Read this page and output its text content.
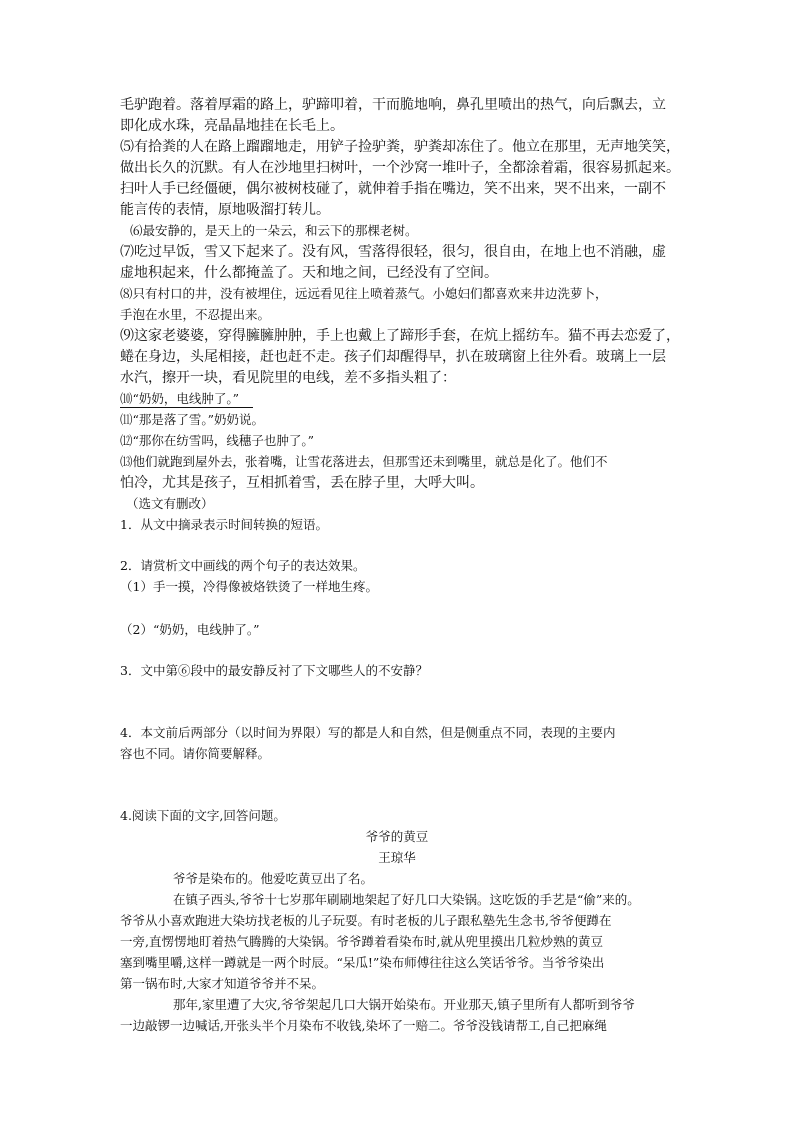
毛驴跑着。落着厚霜的路上，驴蹄叩着，干而脆地响，鼻孔里喷出的热气，向后飘去，立
即化成水珠，亮晶晶地挂在长毛上。
⑸有拾粪的人在路上蹓蹓地走，用铲子捡驴粪，驴粪却冻住了。他立在那里，无声地笑笑，
做出长久的沉默。有人在沙地里扫树叶，一个沙窝一堆叶子，全都涂着霜，很容易抓起来。
扫叶人手已经僵硬，偶尔被树枝碰了，就伸着手指在嘴边，笑不出来，哭不出来，一副不
能言传的表情，原地吸溜打转儿。
⑹最安静的，是天上的一朵云，和云下的那棵老树。
⑺吃过早饭，雪又下起来了。没有风，雪落得很轻，很匀，很自由，在地上也不消融，虚
虚地积起来，什么都掩盖了。天和地之间，已经没有了空间。
⑻只有村口的井，没有被埋住，远远看见往上喷着蒸气。小媳妇们都喜欢来井边洗萝卜，
手泡在水里，不忍提出来。
⑼这家老婆婆，穿得臃臃肿肿，手上也戴上了蹄形手套，在炕上摇纺车。猫不再去恋爱了，
蜷在身边，头尾相接，赶也赶不走。孩子们却醒得早，扒在玻璃窗上往外看。玻璃上一层
水汽，擦开一块，看见院里的电线，差不多指头粗了：
⑽“奶奶，电线肿了。”
⑾“那是落了雪。”奶奶说。
⑿“那你在纺雪吗，线穗子也肿了。”
⒀他们就跑到屋外去，张着嘴，让雪花落进去，但那雪还未到嘴里，就总是化了。他们不
怕冷，尤其是孩子，互相抓着雪，丢在脖子里，大呼大叫。
（选文有删改）
1．从文中摘录表示时间转换的短语。
2．请赏析文中画线的两个句子的表达效果。
（1）手一摸，冷得像被烙铁烫了一样地生疼。
（2）“奶奶，电线肿了。”
3．文中第⑥段中的最安静反衬了下文哪些人的不安静？
4．本文前后两部分（以时间为界限）写的都是人和自然，但是侧重点不同，表现的主要内
容也不同。请你简要解释。
4.阅读下面的文字,回答问题。
爷爷的黄豆
王琼华
爷爷是染布的。他爱吃黄豆出了名。
在镇子西头,爷爷十七岁那年刷刷地架起了好几口大染锅。这吃饭的手艺是“偷”来的。
爷爷从小喜欢跑进大染坊找老板的儿子玩耍。有时老板的儿子跟私塾先生念书,爷爷便蹲在
一旁,直愣愣地盯着热气腾腾的大染锅。爷爷蹲着看染布时,就从兜里摸出几粒炒熟的黄豆
塞到嘴里嚼,这样一蹲就是一两个时辰。“呆瓜!”染布师傅往往这么笑话爷爷。当爷爷染出
第一锅布时,大家才知道爷爷并不呆。
那年,家里遭了大灾,爷爷架起几口大锅开始染布。开业那天,镇子里所有人都听到爷爷
一边敲锣一边喊话,开张头半个月染布不收钱,染坏了一赔二。爷爷没钱请帮工,自己把麻绳
